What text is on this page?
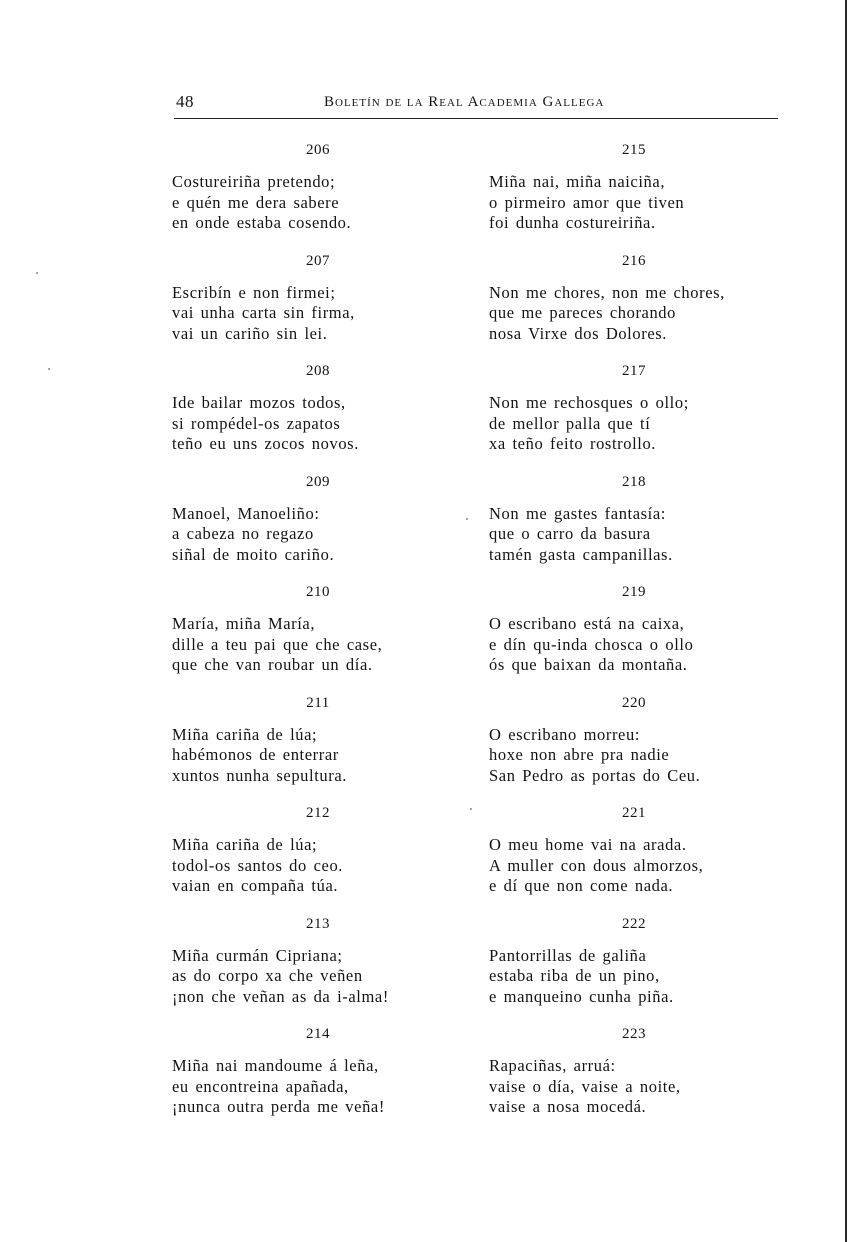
48	Boletín de la Real Academia Gallega
206
Costureiriña pretendo;
e quén me dera sabere
en onde estaba cosendo.
207
Escribín e non firmei;
vai unha carta sin firma,
vai un cariño sin lei.
208
Ide bailar mozos todos,
si rompédel-os zapatos
teño eu uns zocos novos.
209
Manoel, Manoeliño:
a cabeza no regazo
siñal de moito cariño.
210
María, miña María,
dille a teu pai que che case,
que che van roubar un día.
211
Miña cariña de lúa;
habémonos de enterrar
xuntos nunha sepultura.
212
Miña cariña de lúa;
todol-os santos do ceo.
vaian en compaña túa.
213
Miña curmán Cipriana;
as do corpo xa che veñen
¡non che veñan as da i-alma!
214
Miña nai mandoume á leña,
eu encontreina apañada,
¡nunca outra perda me veña!
215
Miña nai, miña naiciña,
o pirmeiro amor que tiven
foi dunha costureiriña.
216
Non me chores, non me chores,
que me pareces chorando
nosa Virxe dos Dolores.
217
Non me rechosques o ollo;
de mellor palla que tí
xa teño feito rostrollo.
218
Non me gastes fantasía:
que o carro da basura
tamén gasta campanillas.
219
O escribano está na caixa,
e dín qu-inda chosca o ollo
ós que baixan da montaña.
220
O escribano morreu:
hoxe non abre pra nadie
San Pedro as portas do Ceu.
221
O meu home vai na arada.
A muller con dous almorzos,
e dí que non come nada.
222
Pantorrillas de galiña
estaba riba de un pino,
e manqueino cunha piña.
223
Rapaciñas, arruá:
vaise o día, vaise a noite,
vaise a nosa mocedá.
